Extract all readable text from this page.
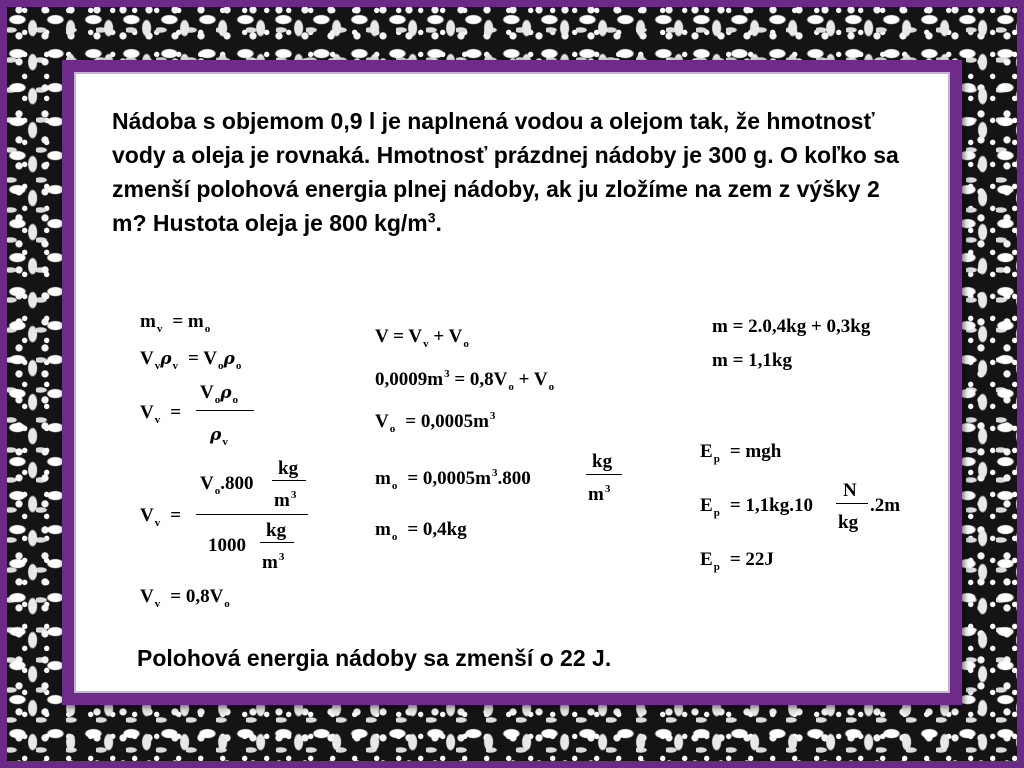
Nádoba s objemom 0,9 l je naplnená vodou a olejom tak, že hmotnosť vody a oleja je rovnaká. Hmotnosť prázdnej nádoby je 300 g. O koľko sa zmenší polohová energia plnej nádoby, ak ju zložíme na zem z výšky 2 m? Hustota oleja je 800 $kg/m^3$.

$m_v = m_o$
$V_v\rho_v = V_o\rho_o$
$V_v$ =
$V_o\rho_o$
$\rho_v$
$V_v$ =
$V_o.800$
kg
$m^3$
1000
kg
$m^3$
$V_v = 0,8V_o$
$V = V_v + V_o$
$0,0009m^3 = 0,8V_o + V_o$
$V_o = 0,0005m^3$
$m_o = 0,0005m^3.800$
kg
$m^3$
$m_o = 0,4kg$
m = 2.0,4kg + 0,3kg
m = 1,1kg
$E_p$ = mgh
$E_p = 1,1kg.10$
N
kg
.2m
$E_p = 22J$

Polohová energia nádoby sa zmenší o 22 J.
